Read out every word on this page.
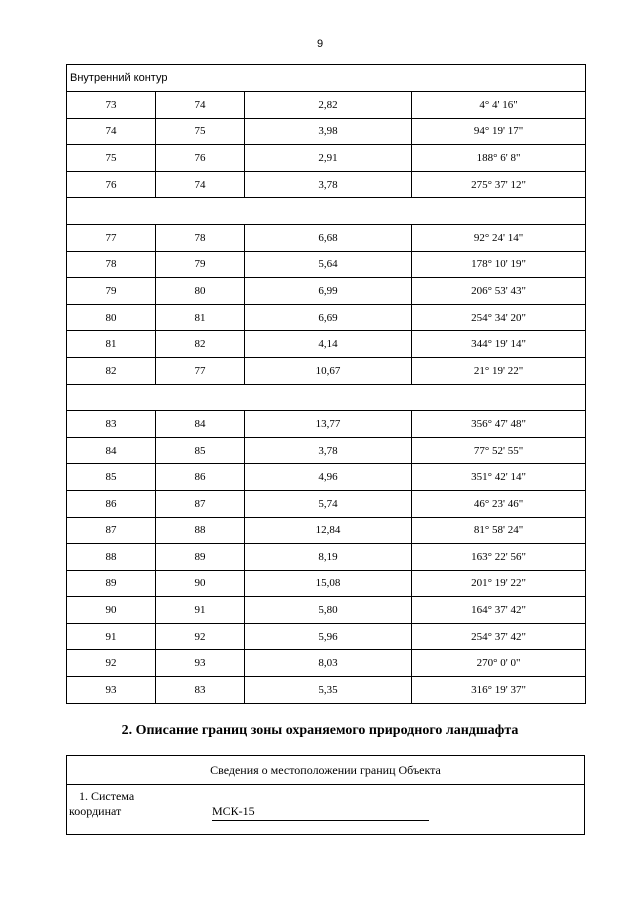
9
Внутренний контур			
73	74	2,82	4° 4' 16"
74	75	3,98	94° 19' 17"
75	76	2,91	188° 6' 8"
76	74	3,78	275° 37' 12"

77	78	6,68	92° 24' 14"
78	79	5,64	178° 10' 19"
79	80	6,99	206° 53' 43"
80	81	6,69	254° 34' 20"
81	82	4,14	344° 19' 14"
82	77	10,67	21° 19' 22"

83	84	13,77	356° 47' 48"
84	85	3,78	77° 52' 55"
85	86	4,96	351° 42' 14"
86	87	5,74	46° 23' 46"
87	88	12,84	81° 58' 24"
88	89	8,19	163° 22' 56"
89	90	15,08	201° 19' 22"
90	91	5,80	164° 37' 42"
91	92	5,96	254° 37' 42"
92	93	8,03	270° 0' 0"
93	83	5,35	316° 19' 37"
2. Описание границ зоны охраняемого природного ландшафта
Сведения о местоположении границ Объекта
1. Система
координат	МСК-15
